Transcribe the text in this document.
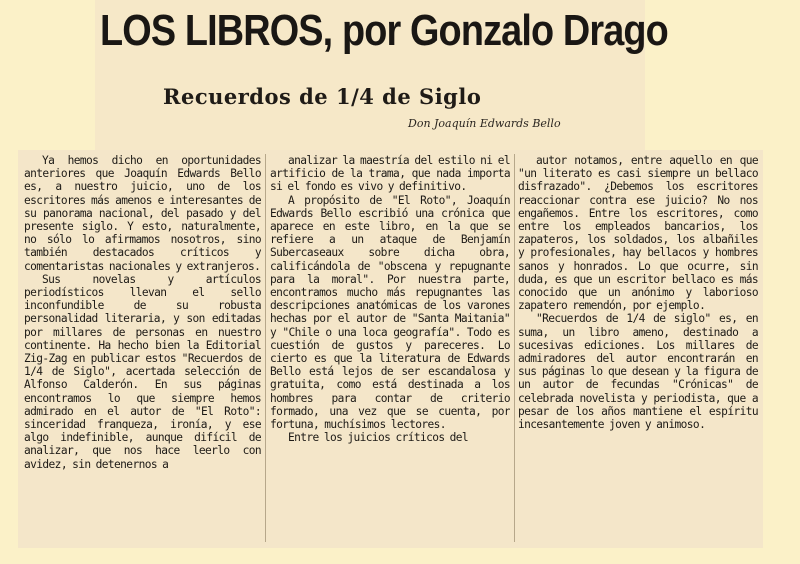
LOS LIBROS, por Gonzalo Drago
Recuerdos de 1/4 de Siglo
Don Joaquín Edwards Bello

Ya hemos dicho en oportunidades anteriores que Joaquín Edwards Bello es, a nuestro juicio, uno de los escritores más amenos e interesantes de su panorama nacional, del pasado y del presente siglo. Y esto, naturalmente, no sólo lo afirmamos nosotros, sino también destacados críticos y comentaristas nacionales y extranjeros.

Sus novelas y artículos periodísticos llevan el sello inconfundible de su robusta personalidad literaria, y son editadas por millares de personas en nuestro continente. Ha hecho bien la Editorial Zig-Zag en publicar estos "Recuerdos de 1/4 de Siglo", acertada selección de Alfonso Calderón. En sus páginas encontramos lo que siempre hemos admirado en el autor de "El Roto": sinceridad franqueza, ironía, y ese algo indefinible, aunque difícil de analizar, que nos hace leerlo con avidez, sin detenernos a

analizar la maestría del estilo ni el artificio de la trama, que nada importa si el fondo es vivo y definitivo.

A propósito de "El Roto", Joaquín Edwards Bello escribió una crónica que aparece en este libro, en la que se refiere a un ataque de Benjamín Subercaseaux sobre dicha obra, calificándola de "obscena y repugnante para la moral". Por nuestra parte, encontramos mucho más repugnantes las descripciones anatómicas de los varones hechas por el autor de "Santa Maitania" y "Chile o una loca geografía". Todo es cuestión de gustos y pareceres. Lo cierto es que la literatura de Edwards Bello está lejos de ser escandalosa y gratuita, como está destinada a los hombres para contar de criterio formado, una vez que se cuenta, por fortuna, muchísimos lectores.

Entre los juicios críticos del

autor notamos, entre aquello en que "un literato es casi siempre un bellaco disfrazado". ¿Debemos los escritores reaccionar contra ese juicio? No nos engañemos. Entre los escritores, como entre los empleados bancarios, los zapateros, los soldados, los albañiles y profesionales, hay bellacos y hombres sanos y honrados. Lo que ocurre, sin duda, es que un escritor bellaco es más conocido que un anónimo y laborioso zapatero remendón, por ejemplo.

"Recuerdos de 1/4 de siglo" es, en suma, un libro ameno, destinado a sucesivas ediciones. Los millares de admiradores del autor encontrarán en sus páginas lo que desean y la figura de un autor de fecundas "Crónicas" de celebrada novelista y periodista, que a pesar de los años mantiene el espíritu incesantemente joven y animoso.
